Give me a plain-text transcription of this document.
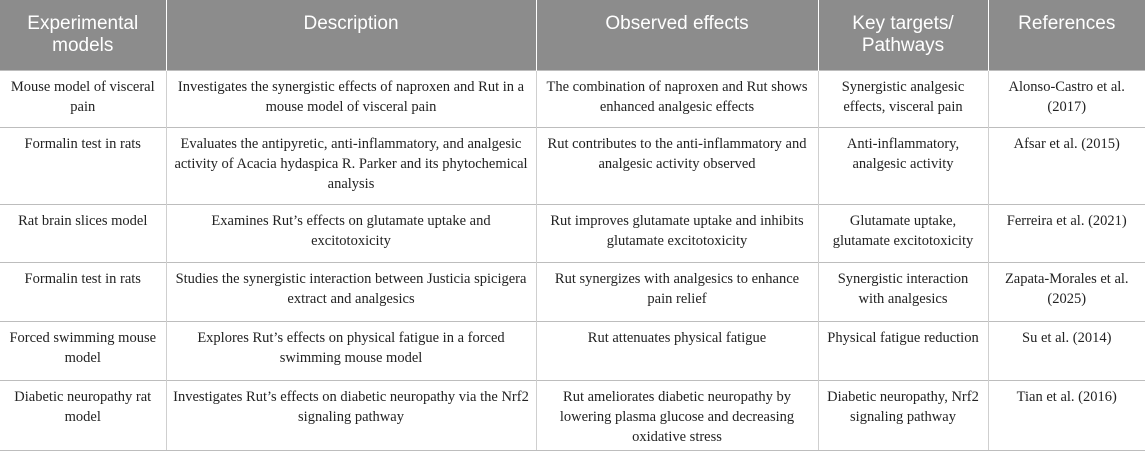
Experimental models	Description	Observed effects	Key targets/ Pathways	References

Mouse model of visceral pain	Investigates the synergistic effects of naproxen and Rut in a mouse model of visceral pain	The combination of naproxen and Rut shows enhanced analgesic effects	Synergistic analgesic effects, visceral pain	Alonso-Castro et al. (2017)
Formalin test in rats	Evaluates the antipyretic, anti-inflammatory, and analgesic activity of Acacia hydaspica R. Parker and its phytochemical analysis	Rut contributes to the anti-inflammatory and analgesic activity observed	Anti-inflammatory, analgesic activity	Afsar et al. (2015)
Rat brain slices model	Examines Rut’s effects on glutamate uptake and excitotoxicity	Rut improves glutamate uptake and inhibits glutamate excitotoxicity	Glutamate uptake, glutamate excitotoxicity	Ferreira et al. (2021)
Formalin test in rats	Studies the synergistic interaction between Justicia spicigera extract and analgesics	Rut synergizes with analgesics to enhance pain relief	Synergistic interaction with analgesics	Zapata-Morales et al. (2025)
Forced swimming mouse model	Explores Rut’s effects on physical fatigue in a forced swimming mouse model	Rut attenuates physical fatigue	Physical fatigue reduction	Su et al. (2014)
Diabetic neuropathy rat model	Investigates Rut’s effects on diabetic neuropathy via the Nrf2 signaling pathway	Rut ameliorates diabetic neuropathy by lowering plasma glucose and decreasing oxidative stress	Diabetic neuropathy, Nrf2 signaling pathway	Tian et al. (2016)
